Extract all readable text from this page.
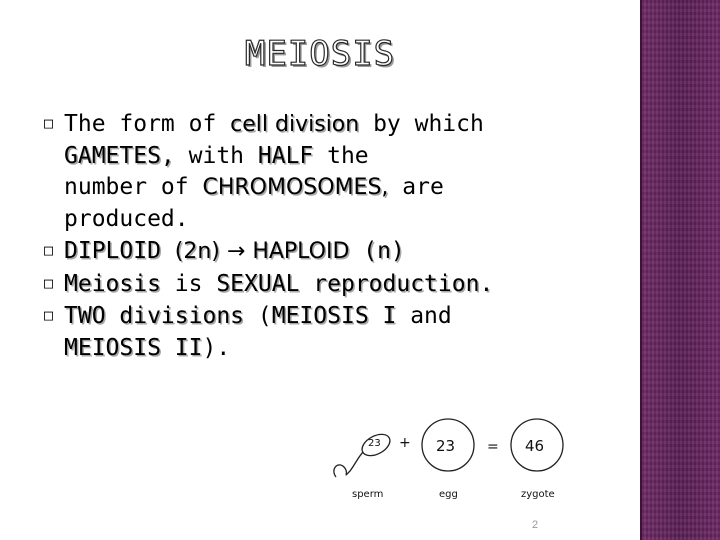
MEIOSIS
□ The form of cell division by which
GAMETES, with HALF the
number of CHROMOSOMES, are
produced.
□ DIPLOID (2n) → HAPLOID (n)
□ Meiosis is SEXUAL reproduction.
□ TWO divisions (MEIOSIS I and
MEIOSIS II).
23 + 23 = 46
sperm	egg	zygote
2
